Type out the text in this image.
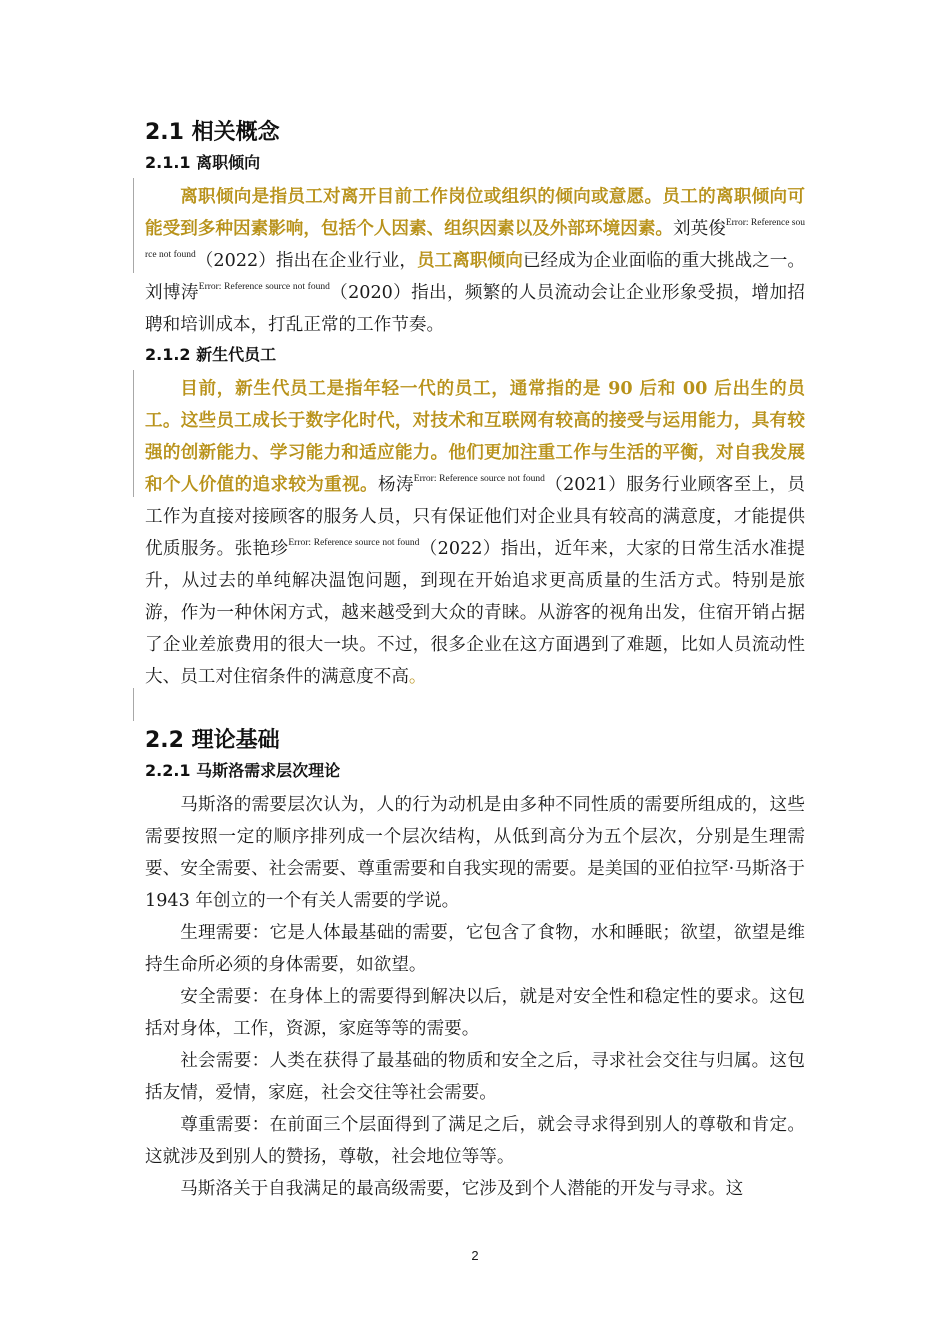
2.1 相关概念
2.1.1 离职倾向

离职倾向是指员工对离开目前工作岗位或组织的倾向或意愿。员工的离职倾向可能受到多种因素影响，包括个人因素、组织因素以及外部环境因素。刘英俊$^{Error: Reference source not found}$（2022）指出在企业行业，员工离职倾向已经成为企业面临的重大挑战之一。刘博涛$^{Error: Reference source not found}$（2020）指出，频繁的人员流动会让企业形象受损，增加招聘和培训成本，打乱正常的工作节奏。

2.1.2 新生代员工

目前，新生代员工是指年轻一代的员工，通常指的是 90 后和 00 后出生的员工。这些员工成长于数字化时代，对技术和互联网有较高的接受与运用能力，具有较强的创新能力、学习能力和适应能力。他们更加注重工作与生活的平衡，对自我发展和个人价值的追求较为重视。杨涛$^{Error: Reference source not found}$（2021）服务行业顾客至上，员工作为直接对接顾客的服务人员，只有保证他们对企业具有较高的满意度，才能提供优质服务。张艳珍$^{Error: Reference source not found}$（2022）指出，近年来，大家的日常生活水准提升，从过去的单纯解决温饱问题，到现在开始追求更高质量的生活方式。特别是旅游，作为一种休闲方式，越来越受到大众的青睐。从游客的视角出发，住宿开销占据了企业差旅费用的很大一块。不过，很多企业在这方面遇到了难题，比如人员流动性大、员工对住宿条件的满意度不高。

2.2 理论基础
2.2.1 马斯洛需求层次理论

马斯洛的需要层次认为，人的行为动机是由多种不同性质的需要所组成的，这些需要按照一定的顺序排列成一个层次结构，从低到高分为五个层次，分别是生理需要、安全需要、社会需要、尊重需要和自我实现的需要。是美国的亚伯拉罕·马斯洛于 1943 年创立的一个有关人需要的学说。

生理需要：它是人体最基础的需要，它包含了食物，水和睡眠；欲望，欲望是维持生命所必须的身体需要，如欲望。

安全需要：在身体上的需要得到解决以后，就是对安全性和稳定性的要求。这包括对身体，工作，资源，家庭等等的需要。

社会需要：人类在获得了最基础的物质和安全之后，寻求社会交往与归属。这包括友情，爱情，家庭，社会交往等社会需要。

尊重需要：在前面三个层面得到了满足之后，就会寻求得到别人的尊敬和肯定。这就涉及到别人的赞扬，尊敬，社会地位等等。

马斯洛关于自我满足的最高级需要，它涉及到个人潜能的开发与寻求。这

2
